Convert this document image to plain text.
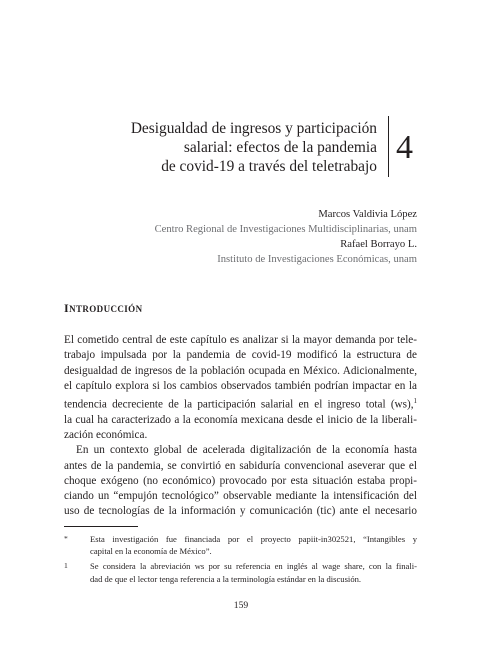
Desigualdad de ingresos y participación
salarial: efectos de la pandemia
de covid-19 a través del teletrabajo
4
Marcos Valdivia López
Centro Regional de Investigaciones Multidisciplinarias, unam
Rafael Borrayo L.
Instituto de Investigaciones Económicas, unam
INTRODUCCIÓN
El cometido central de este capítulo es analizar si la mayor demanda por tele-
trabajo impulsada por la pandemia de covid-19 modificó la estructura de
desigualdad de ingresos de la población ocupada en México. Adicionalmente,
el capítulo explora si los cambios observados también podrían impactar en la
tendencia decreciente de la participación salarial en el ingreso total (ws),$^1$
la cual ha caracterizado a la economía mexicana desde el inicio de la liberali-
zación económica.
En un contexto global de acelerada digitalización de la economía hasta
antes de la pandemia, se convirtió en sabiduría convencional aseverar que el
choque exógeno (no económico) provocado por esta situación estaba propi-
ciando un “empujón tecnológico” observable mediante la intensificación del
uso de tecnologías de la información y comunicación (tic) ante el necesario
*	Esta investigación fue financiada por el proyecto papiit-in302521, “Intangibles y
capital en la economía de México”.
1	Se considera la abreviación ws por su referencia en inglés al wage share, con la finali-
dad de que el lector tenga referencia a la terminología estándar en la discusión.
159
